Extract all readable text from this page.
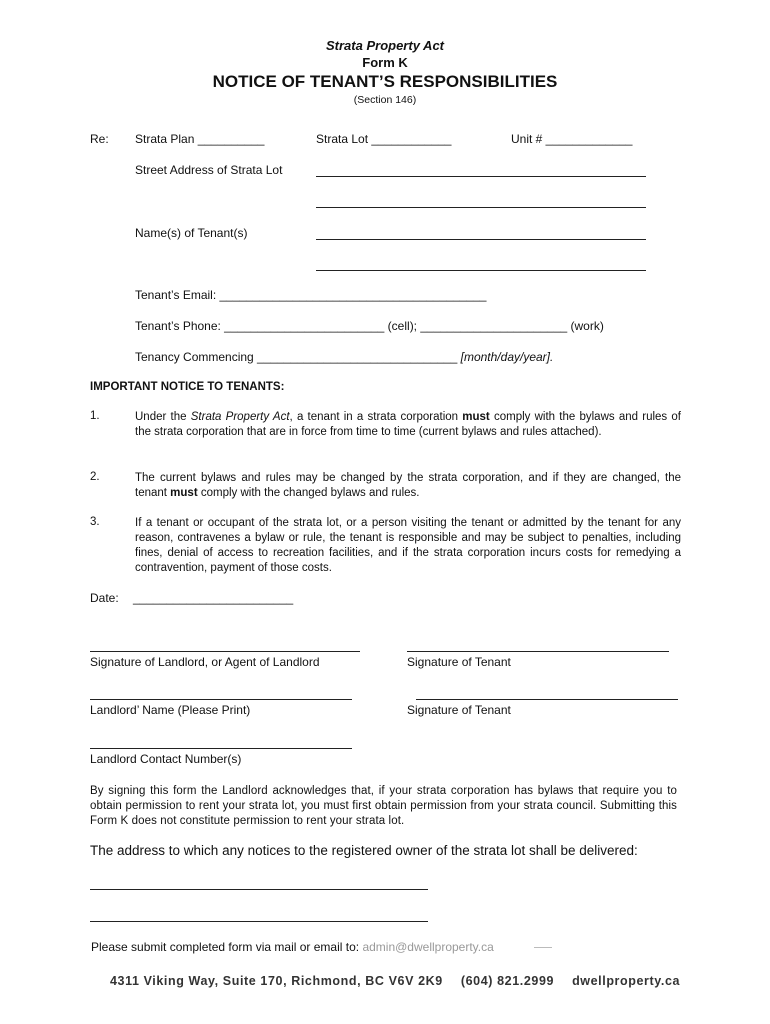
Strata Property Act
Form K
NOTICE OF TENANT’S RESPONSIBILITIES
(Section 146)
Re: Strata Plan __________	Strata Lot ____________	Unit # _____________
Street Address of Strata Lot
Name(s) of Tenant(s)
Tenant’s Email: ________________________________________
Tenant’s Phone: ________________________ (cell); ______________________ (work)
Tenancy Commencing ______________________________ [month/day/year].
IMPORTANT NOTICE TO TENANTS:
1.	Under the Strata Property Act, a tenant in a strata corporation must comply with the bylaws and rules of the strata corporation that are in force from time to time (current bylaws and rules attached).
2.	The current bylaws and rules may be changed by the strata corporation, and if they are changed, the tenant must comply with the changed bylaws and rules.
3.	If a tenant or occupant of the strata lot, or a person visiting the tenant or admitted by the tenant for any reason, contravenes a bylaw or rule, the tenant is responsible and may be subject to penalties, including fines, denial of access to recreation facilities, and if the strata corporation incurs costs for remedying a contravention, payment of those costs.
Date: ________________________
Signature of Landlord, or Agent of Landlord	Signature of Tenant
Landlord’ Name (Please Print)	Signature of Tenant
Landlord Contact Number(s)
By signing this form the Landlord acknowledges that, if your strata corporation has bylaws that require you to obtain permission to rent your strata lot, you must first obtain permission from your strata council. Submitting this Form K does not constitute permission to rent your strata lot.
The address to which any notices to the registered owner of the strata lot shall be delivered:
Please submit completed form via mail or email to: admin@dwellproperty.ca
4311 Viking Way, Suite 170, Richmond, BC V6V 2K9 (604) 821.2999 dwellproperty.ca
